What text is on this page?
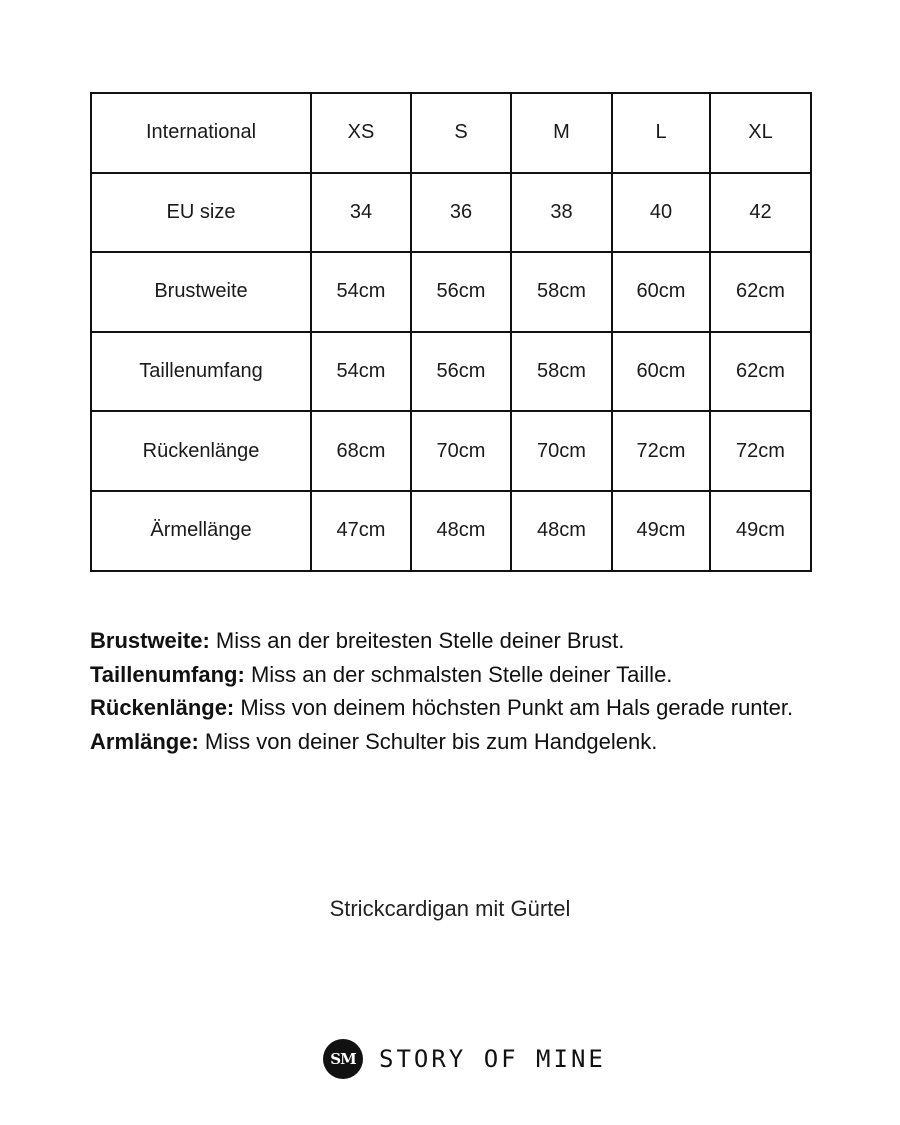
International	XS	S	M	L	XL
EU size	34	36	38	40	42
Brustweite	54cm	56cm	58cm	60cm	62cm
Taillenumfang	54cm	56cm	58cm	60cm	62cm
Rückenlänge	68cm	70cm	70cm	72cm	72cm
Ärmellänge	47cm	48cm	48cm	49cm	49cm

Brustweite: Miss an der breitesten Stelle deiner Brust.

Taillenumfang: Miss an der schmalsten Stelle deiner Taille.

Rückenlänge: Miss von deinem höchsten Punkt am Hals gerade runter.

Armlänge: Miss von deiner Schulter bis zum Handgelenk.

Strickcardigan mit Gürtel
SM STORY OF MINE
